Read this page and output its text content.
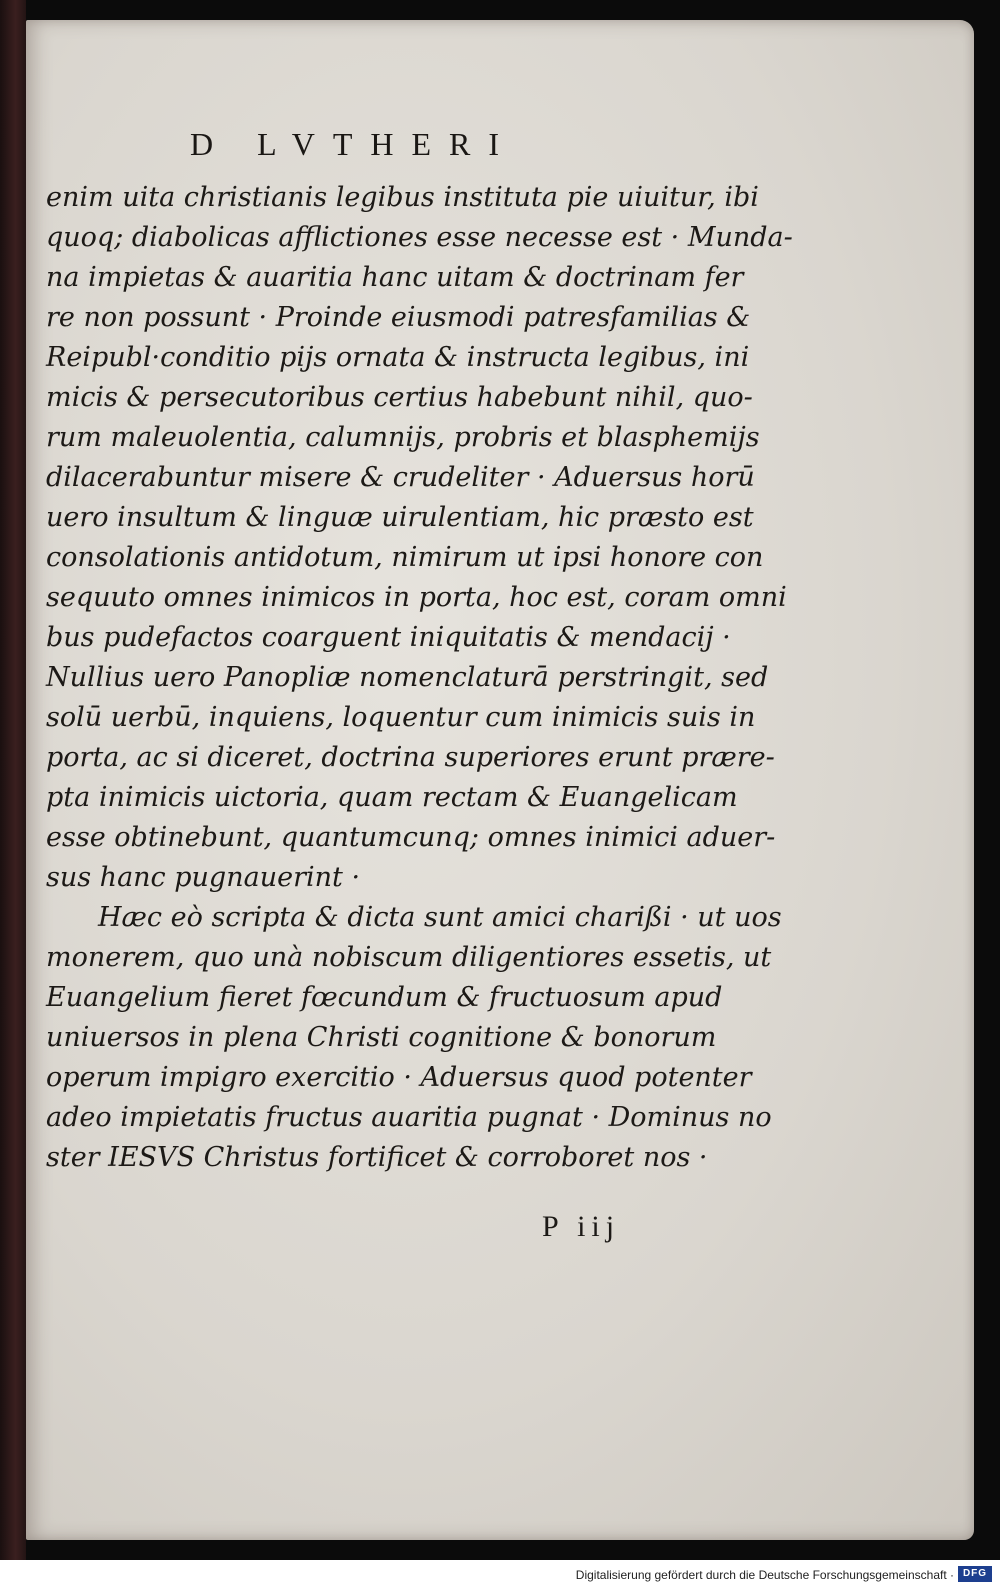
D LVTHERI
enim uita christianis legibus instituta pie uiuitur, ibi
quoq; diabolicas afflictiones esse necesse est · Munda-
na impietas & auaritia hanc uitam & doctrinam fer
re non possunt · Proinde eiusmodi patresfamilias &
Reipubl·conditio pijs ornata & instructa legibus, ini
micis & persecutoribus certius habebunt nihil, quo-
rum maleuolentia, calumnijs, probris et blasphemijs
dilacerabuntur misere & crudeliter · Aduersus horū
uero insultum & linguæ uirulentiam, hic præsto est
consolationis antidotum, nimirum ut ipsi honore con
sequuto omnes inimicos in porta, hoc est, coram omni
bus pudefactos coarguent iniquitatis & mendacij ·
Nullius uero Panopliæ nomenclaturā perstringit, sed
solū uerbū, inquiens, loquentur cum inimicis suis in
porta, ac si diceret, doctrina superiores erunt prære-
pta inimicis uictoria, quam rectam & Euangelicam
esse obtinebunt, quantumcunq; omnes inimici aduer-
sus hanc pugnauerint ·
Hæc eò scripta & dicta sunt amici charißi · ut uos
monerem, quo unà nobiscum diligentiores essetis, ut
Euangelium fieret fœcundum & fructuosum apud
uniuersos in plena Christi cognitione & bonorum
operum impigro exercitio · Aduersus quod potenter
adeo impietatis fructus auaritia pugnat · Dominus no
ster IESVS Christus fortificet & corroboret nos ·
P iij
Digitalisierung gefördert durch die Deutsche Forschungsgemeinschaft · DFG
